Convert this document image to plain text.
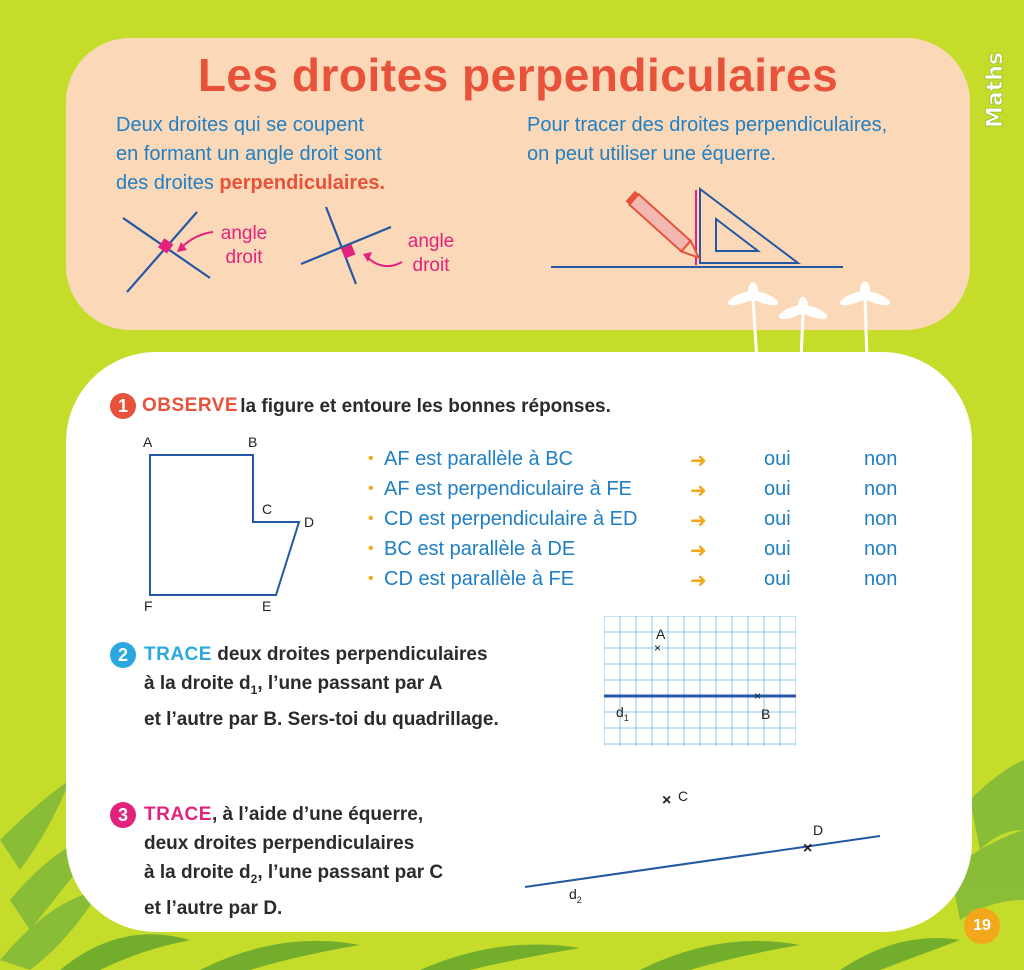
Les droites perpendiculaires	Maths
Deux droites qui se coupent
en formant un angle droit sont
des droites perpendiculaires.
Pour tracer des droites perpendiculaires,
on peut utiliser une équerre.
angle
droit
angle
droit
1 OBSERVE
la figure et entoure les bonnes réponses.
A	B
C
D
E
F
• AF est parallèle à BC	➜	oui	non
• AF est perpendiculaire à FE	➜	oui	non
• CD est perpendiculaire à ED	➜	oui	non
• BC est parallèle à DE	➜	oui	non
• CD est parallèle à FE	➜	oui	non
2 TRACE deux droites perpendiculaires
à la droite $d_1$, l’une passant par A
et l’autre par B. Sers-toi du quadrillage.
×
×
A
B
$d_1$
3 TRACE, à l’aide d’une équerre,
deux droites perpendiculaires
à la droite $d_2$, l’une passant par C
et l’autre par D.
×
×
C
D
$d_2$
19
